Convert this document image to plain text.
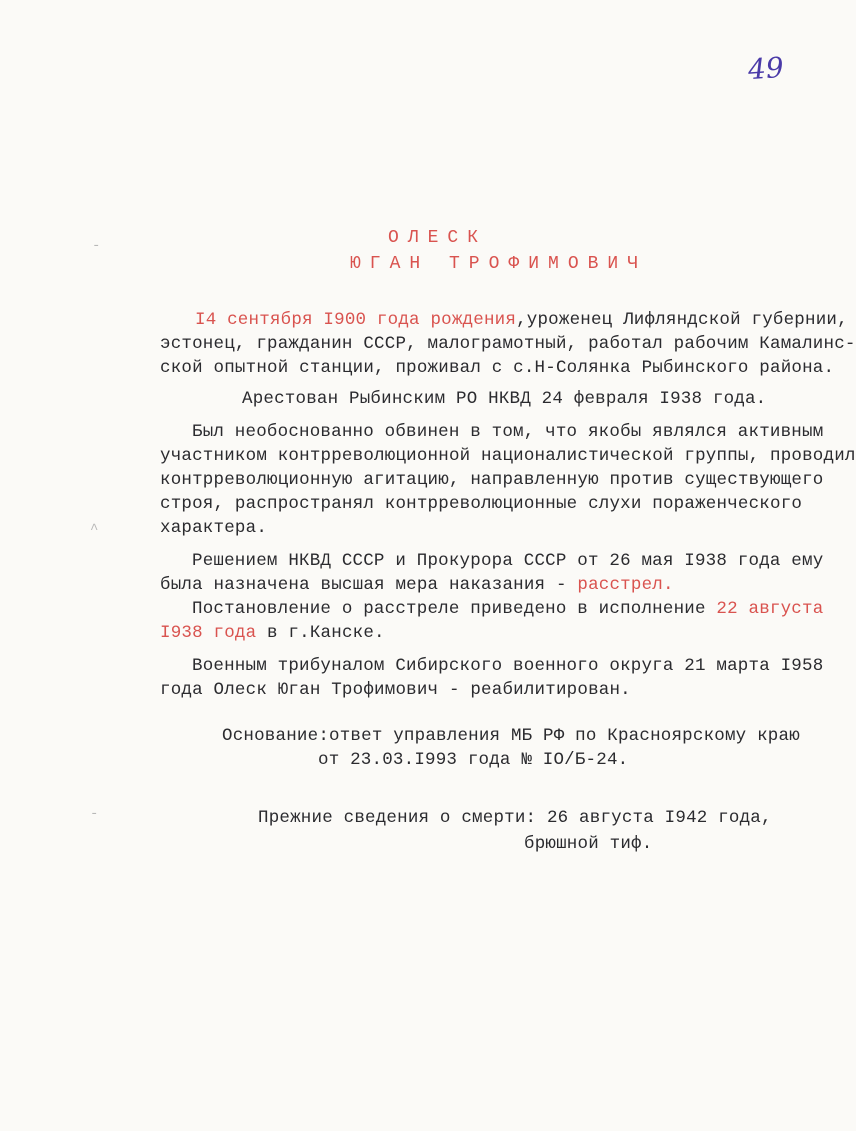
49
-
^
-
ОЛЕСК
ЮГАН ТРОФИМОВИЧ
I4 сентября I900 года рождения,уроженец Лифляндской губернии,
эстонец, гражданин СССР, малограмотный, работал рабочим Камалинс-
ской опытной станции, проживал с с.Н-Солянка Рыбинского района.
Арестован Рыбинским РО НКВД 24 февраля I938 года.
Был необоснованно обвинен в том, что якобы являлся активным
участником контрреволюционной националистической группы, проводил
контрреволюционную агитацию, направленную против существующего
строя, распространял контрреволюционные слухи пораженческого
характера.
Решением НКВД СССР и Прокурора СССР от 26 мая I938 года ему
была назначена высшая мера наказания - расстрел.
Постановление о расстреле приведено в исполнение 22 августа
I938 года в г.Канске.
Военным трибуналом Сибирского военного округа 21 марта I958
года Олеск Юган Трофимович - реабилитирован.
Основание:ответ управления МБ РФ по Красноярскому краю
от 23.03.I993 года № IO/Б-24.
Прежние сведения о смерти: 26 августа I942 года,
брюшной тиф.
